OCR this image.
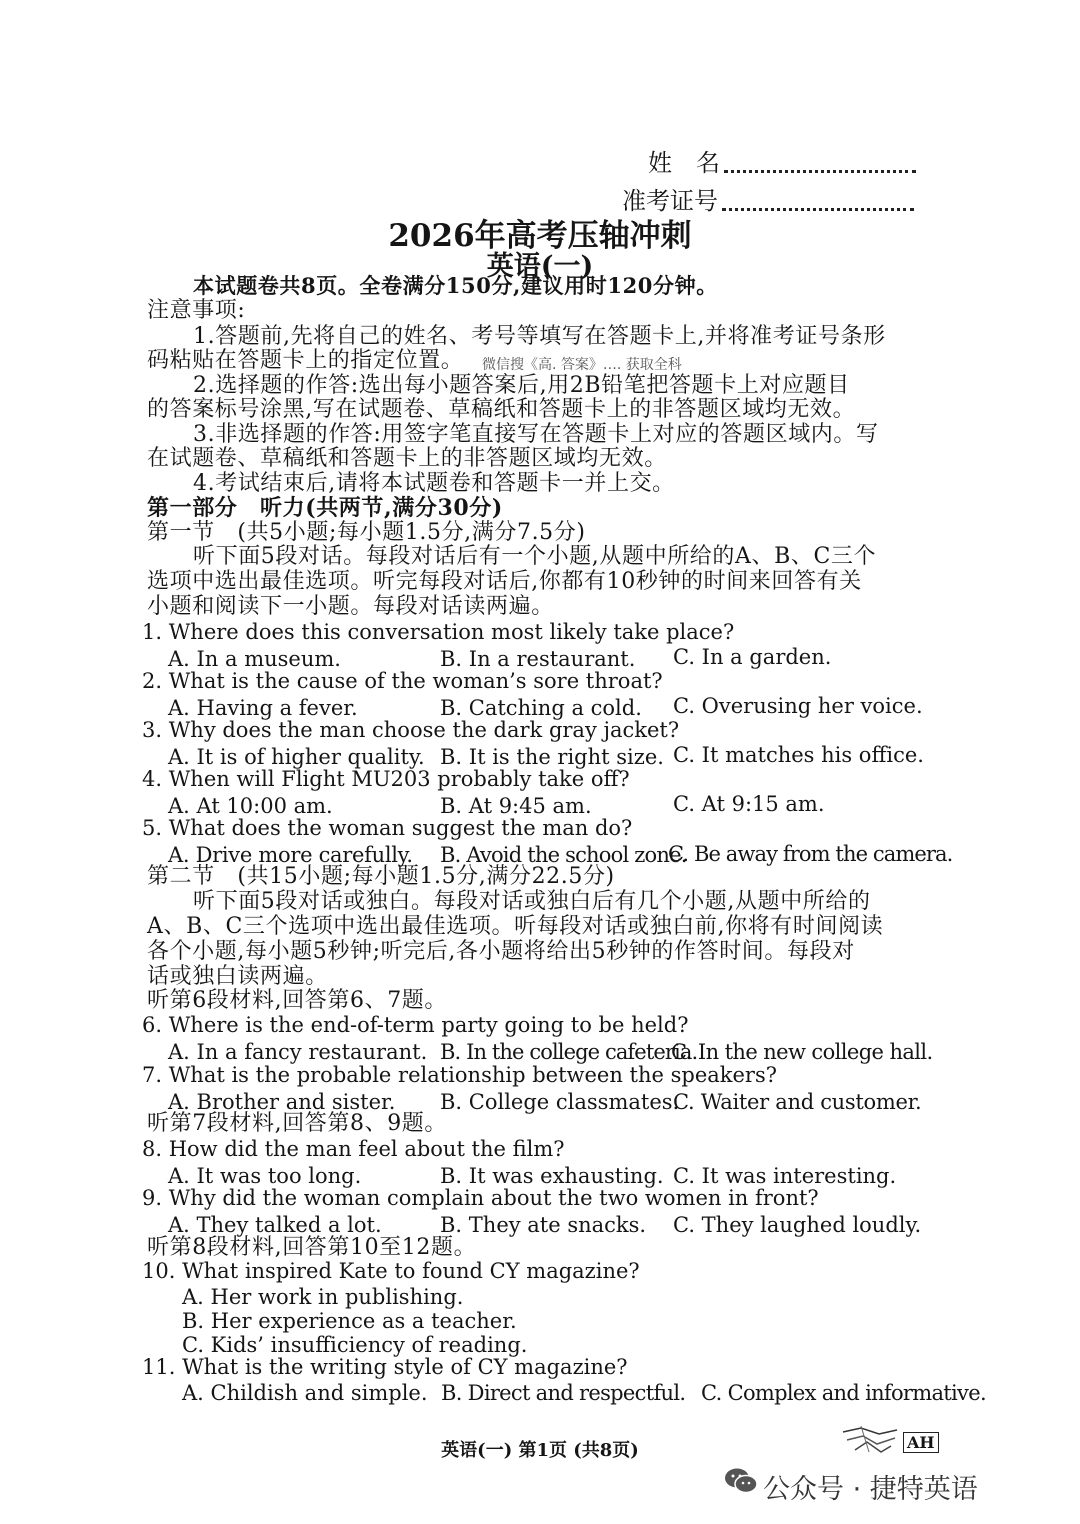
姓　名
准考证号
2026年高考压轴冲刺
英语(一)
本试题卷共8页。全卷满分150分,建议用时120分钟。
注意事项:
1.答题前,先将自己的姓名、考号等填写在答题卡上,并将准考证号条形
码粘贴在答题卡上的指定位置。 微信搜《高. 答案》…. 获取全科
2.选择题的作答:选出每小题答案后,用2B铅笔把答题卡上对应题目
的答案标号涂黑,写在试题卷、草稿纸和答题卡上的非答题区域均无效。
3.非选择题的作答:用签字笔直接写在答题卡上对应的答题区域内。写
在试题卷、草稿纸和答题卡上的非答题区域均无效。
4.考试结束后,请将本试题卷和答题卡一并上交。
第一部分　听力(共两节,满分30分)
第一节　(共5小题;每小题1.5分,满分7.5分)
听下面5段对话。每段对话后有一个小题,从题中所给的A、B、C三个
选项中选出最佳选项。听完每段对话后,你都有10秒钟的时间来回答有关
小题和阅读下一小题。每段对话读两遍。
1. Where does this conversation most likely take place?
A. In a museum.	B. In a restaurant. C. In a garden.
2. What is the cause of the woman’s sore throat?
A. Having a fever.	B. Catching a cold. C. Overusing her voice.
3. Why does the man choose the dark gray jacket?
A. It is of higher quality. B. It is the right size. C. It matches his office.
4. When will Flight MU203 probably take off?
A. At 10:00 am.	B. At 9:45 am.	C. At 9:15 am.
5. What does the woman suggest the man do?
A. Drive more carefully. B. Avoid the school zone.
C. Be away from the camera.
第二节　(共15小题;每小题1.5分,满分22.5分)
听下面5段对话或独白。每段对话或独白后有几个小题,从题中所给的
A、B、C三个选项中选出最佳选项。听每段对话或独白前,你将有时间阅读
各个小题,每小题5秒钟;听完后,各小题将给出5秒钟的作答时间。每段对
话或独白读两遍。
听第6段材料,回答第6、7题。
6. Where is the end-of-term party going to be held?
A. In a fancy restaurant. B. In the college cafeteria.
C. In the new college hall.
7. What is the probable relationship between the speakers?
A. Brother and sister. B. College classmates.
C. Waiter and customer.
听第7段材料,回答第8、9题。
8. How did the man feel about the film?
A. It was too long.	B. It was exhausting. C. It was interesting.
9. Why did the woman complain about the two women in front?
A. They talked a lot.	B. They ate snacks. C. They laughed loudly.
听第8段材料,回答第10至12题。
10. What inspired Kate to found CY magazine?
A. Her work in publishing.
B. Her experience as a teacher.
C. Kids’ insufficiency of reading.
11. What is the writing style of CY magazine?
A. Childish and simple. B. Direct and respectful. C. Complex and informative.
英语(一) 第1页 (共8页)	AH
公众号 · 捷特英语
